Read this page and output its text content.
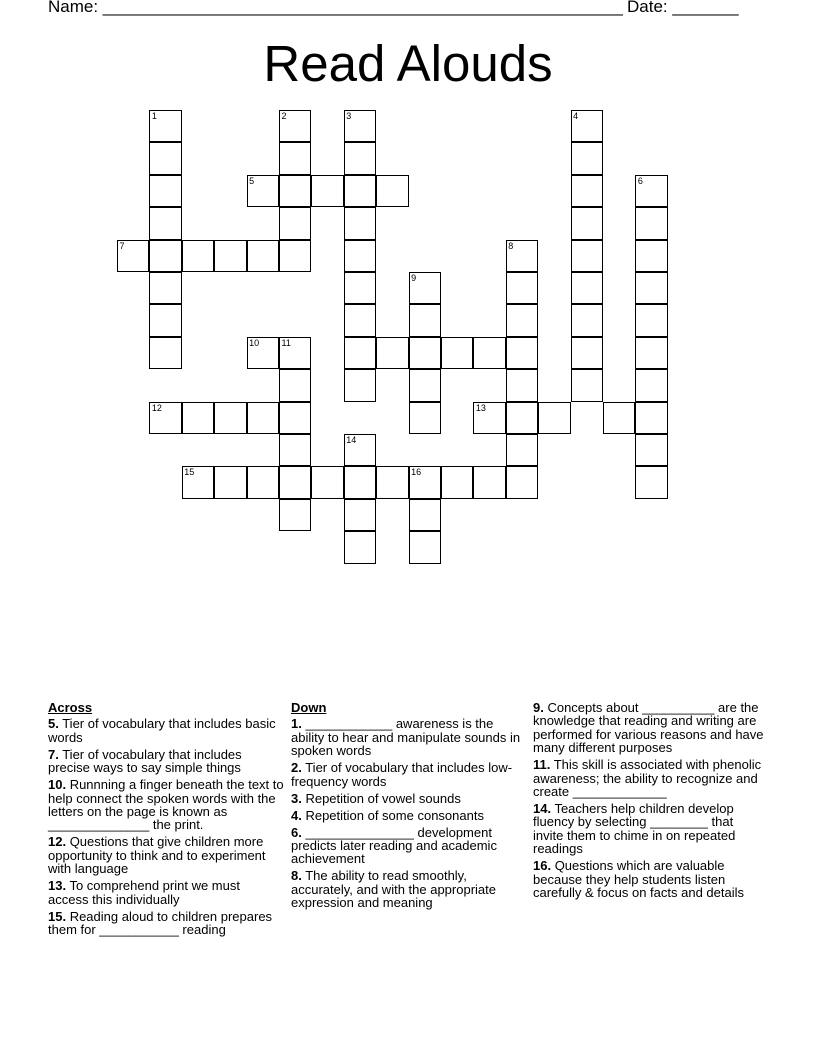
Name: _______________________________________________________ Date: _______
Read Alouds
1	2	3
5
7
4
6
8
9
10 11
12	13
14
15	16
Across
5. Tier of vocabulary that includes basic words
7. Tier of vocabulary that includes precise ways to say simple things
10. Runnning a finger beneath the text to help connect the spoken words with the letters on the page is known as ______________ the print.
12. Questions that give children more opportunity to think and to experiment with language
13. To comprehend print we must access this individually
15. Reading aloud to children prepares them for ___________ reading
Down
1. ____________ awareness is the ability to hear and manipulate sounds in spoken words
2. Tier of vocabulary that includes low-frequency words
3. Repetition of vowel sounds
4. Repetition of some consonants
6. _______________ development predicts later reading and academic achievement
8. The ability to read smoothly, accurately, and with the appropriate expression and meaning
9. Concepts about __________ are the knowledge that reading and writing are performed for various reasons and have many different purposes
11. This skill is associated with phenolic awareness; the ability to recognize and create _____________
14. Teachers help children develop fluency by selecting ________ that invite them to chime in on repeated readings
16. Questions which are valuable because they help students listen carefully & focus on facts and details
